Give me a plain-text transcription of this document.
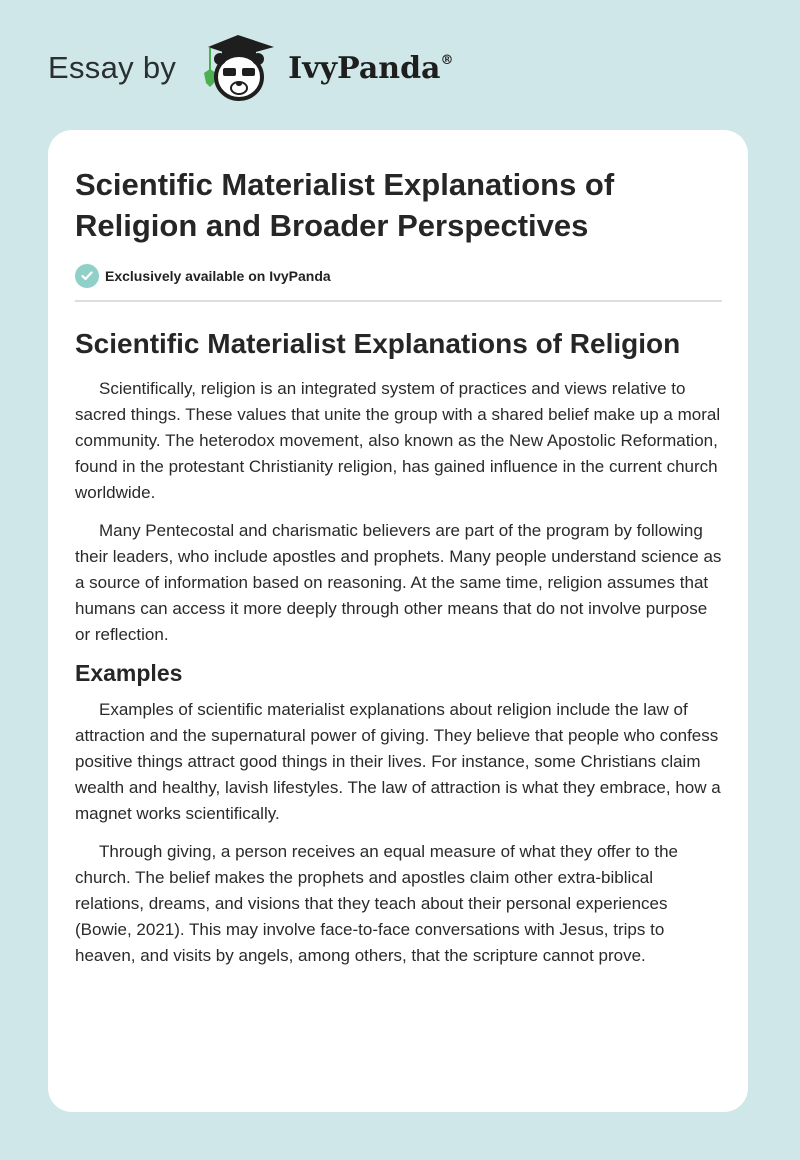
Essay by	IvyPanda®
Scientific Materialist Explanations of Religion and Broader Perspectives
Exclusively available on IvyPanda
Scientific Materialist Explanations of Religion

Scientifically, religion is an integrated system of practices and views relative to sacred things. These values that unite the group with a shared belief make up a moral community. The heterodox movement, also known as the New Apostolic Reformation, found in the protestant Christianity religion, has gained influence in the current church worldwide.

Many Pentecostal and charismatic believers are part of the program by following their leaders, who include apostles and prophets. Many people understand science as a source of information based on reasoning. At the same time, religion assumes that humans can access it more deeply through other means that do not involve purpose or reflection.

Examples

Examples of scientific materialist explanations about religion include the law of attraction and the supernatural power of giving. They believe that people who confess positive things attract good things in their lives. For instance, some Christians claim wealth and healthy, lavish lifestyles. The law of attraction is what they embrace, how a magnet works scientifically.

Through giving, a person receives an equal measure of what they offer to the church. The belief makes the prophets and apostles claim other extra-biblical relations, dreams, and visions that they teach about their personal experiences (Bowie, 2021). This may involve face-to-face conversations with Jesus, trips to heaven, and visits by angels, among others, that the scripture cannot prove.
